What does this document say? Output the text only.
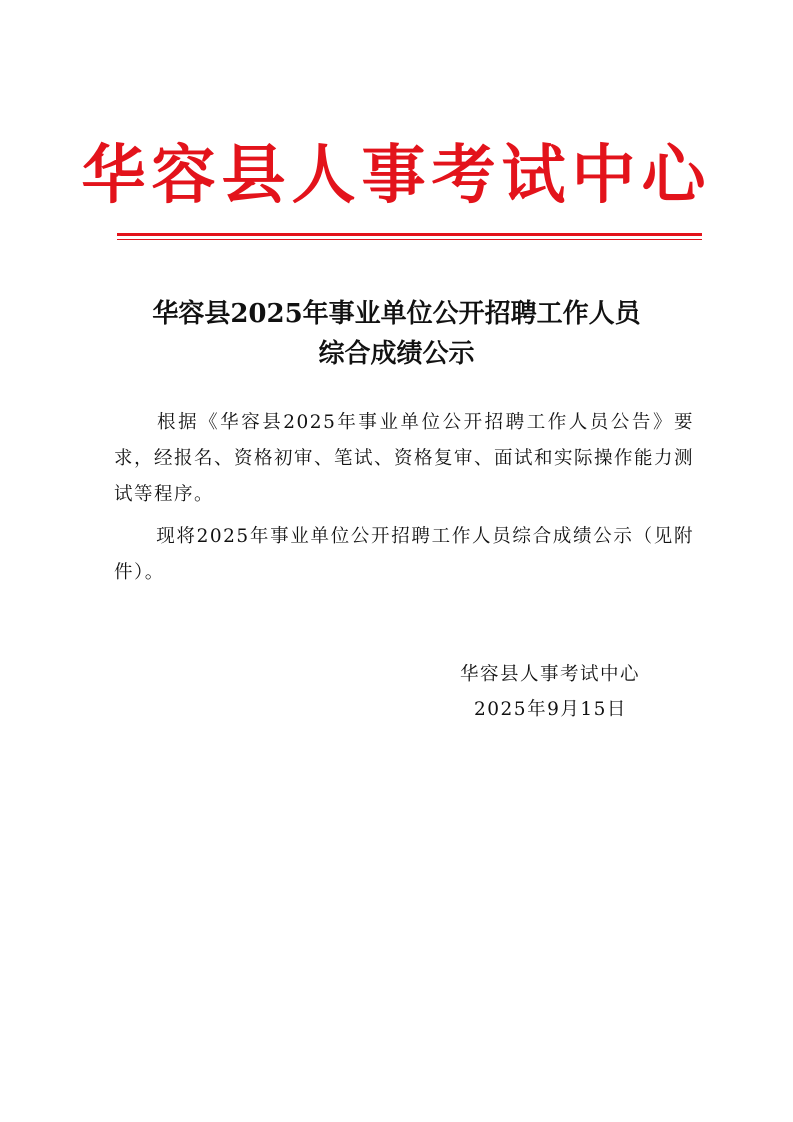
华容县人事考试中心
华容县2025年事业单位公开招聘工作人员
综合成绩公示
根据《华容县2025年事业单位公开招聘工作人员公告》要求，经报名、资格初审、笔试、资格复审、面试和实际操作能力测试等程序。
现将2025年事业单位公开招聘工作人员综合成绩公示（见附件）。
华容县人事考试中心
2025年9月15日
